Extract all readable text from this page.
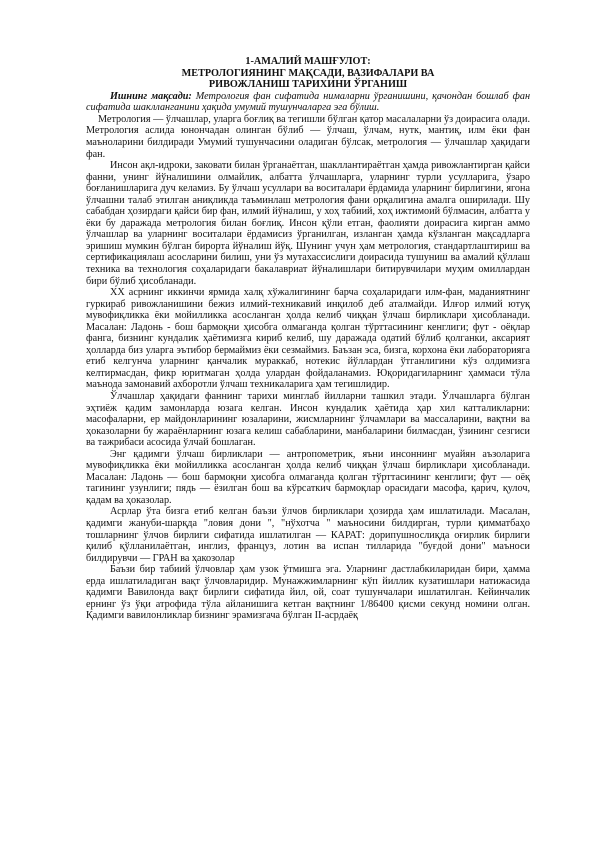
1-АМАЛИЙ МАШҒУЛОТ:

МЕТРОЛОГИЯНИНГ МАҚСАДИ, ВАЗИФАЛАРИ ВА

РИВОЖЛАНИШ ТАРИХИНИ ЎРГАНИШ

Ишнинг мақсади: Метрология фан сифатида нималарни ўрганишини, қачондан бошлаб фан сифатида шаклланганини ҳақида умумий тушунчаларга эга бўлиш.

Метрология — ўлчашлар, уларга боғлиқ ва тегишли бўлган қатор масалаларни ўз доирасига олади. Метрология аслида юнончадан олинган бўлиб — ўлчаш, ўлчам, нутк, мантиқ, илм ёки фан маъноларини билдиради Умумий тушунчасини оладиган бўлсак, метрология — ўлчашлар ҳақидаги фан.

Инсон ақл-идроки, заковати билан ўрганаётган, шакллантираётган ҳамда ривожлантирган қайси фанни, унинг йўналишини олмайлик, албатта ўлчашларга, уларнинг турли усулларига, ўзаро боғланишларига дуч келамиз. Бу ўлчаш усуллари ва воситалари ёрдамида уларнинг бирлигини, ягона ўлчашни талаб этилган аниқликда таъминлаш метрология фани орқалигина амалга оширилади. Шу сабабдан ҳозирдаги қайси бир фан, илмий йўналиш, у хоҳ табиий, хоҳ ижтимоий бўлмасин, албатта у ёки бу даражада метрология билан боғлиқ. Инсон қўли етган, фаолияти доирасига кирган аммо ўлчашлар ва уларнинг воситалари ёрдамисиз ўрганилган, изланган ҳамда кўзланган мақсадларга эришиш мумкин бўлган бирорта йўналиш йўқ. Шунинг учун ҳам метрология, стандартлаштириш ва сертификациялаш асосларини билиш, уни ўз мутахассислиги доирасида тушуниш ва амалий қўллаш техника ва технология соҳаларидаги бакалавриат йўналишлари битирувчилари муҳим омиллардан бири бўлиб ҳисобланади.

XX асрнинг иккинчи ярмида халқ хўжалигининг барча соҳаларидаги илм-фан, маданиятнинг гуркираб ривожланишини бежиз илмий-техникавий инқилоб деб аталмайди. Илғор илмий ютуқ мувофиқликка ёки мойилликка асосланган ҳолда келиб чиққан ўлчаш бирликлари ҳисобланади. Масалан: Ладонь - бош бармоқни ҳисобга олмаганда қолган тўрттасининг кенглиги; фут - оёқлар фанга, бизнинг кундалик ҳаётимизга кириб келиб, шу даражада одатий бўлиб қолганки, аксарият ҳолларда биз уларга эътибор бермаймиз ёки сезмаймиз. Баъзан эса, бизга, корхона ёки лабораторияга етиб келгунча уларнинг қанчалик мураккаб, нотекис йўллардан ўтганлигини кўз олдимизга келтирмасдан, фикр юритмаган ҳолда улардан фойдаланамиз. Юқоридагиларнинг ҳаммаси тўла маънода замонавий ахборотли ўлчаш техникаларига ҳам тегишлидир.

Ўлчашлар ҳақидаги фаннинг тарихи минглаб йилларни ташкил этади. Ўлчашларга бўлган эҳтиёж қадим замонларда юзага келган. Инсон кундалик ҳаётида ҳар хил катталикларни: масофаларни, ер майдонларининг юзаларини, жисмларнинг ўлчамлари ва массаларини, вақтни ва ҳоказоларни бу жараёнларнинг юзага келиш сабабларини, манбаларини билмасдан, ўзининг сезгиси ва тажрибаси асосида ўлчай бошлаган.

Энг қадимги ўлчаш бирликлари — антропометрик, яъни инсоннинг муайян аъзоларига мувофиқликка ёки мойилликка асосланган ҳолда келиб чиққан ўлчаш бирликлари ҳисобланади. Масалан: Ладонь — бош бармоқни ҳисобга олмаганда қолган тўрттасининг кенглиги; фут — оёқ тагининг узунлиги; пядь — ёзилган бош ва кўрсаткич бармоқлар орасидаги масофа, қарич, қулоч, қадам ва ҳоказолар.

Асрлар ўта бизга етиб келган баъзи ўлчов бирликлари ҳозирда ҳам ишлатилади. Масалан, қадимги жануби-шарқда "ловия дони ", "нўхотча " маъносини билдирган, турли қимматбаҳо тошларнинг ўлчов бирлиги сифатида ишлатилган — КАРАТ: дорипушнослиқда оғирлик бирлиги қилиб қўлланилаётган, инглиз, француз, лотин ва испан тилларида "буғдой дони" маъноси билдирувчи — ГРАН ва ҳакозолар

Баъзи бир табиий ўлчовлар ҳам узок ўтмишга эга. Уларнинг дастлабкиларидан бири, ҳамма ерда ишлатиладиган вақт ўлчовларидир. Мунажжимларнинг кўп йиллик кузатишлари натижасида қадимги Вавилонда вақт бирлиги сифатида йил, ой, соат тушунчалари ишлатилган. Кейинчалик ернинг ўз ўқи атрофида тўла айланишига кетган вақтнинг 1/86400 қисми секунд номини олган. Қадимги вавилонликлар бизнинг эрамизгача бўлган II-асрдаёқ
